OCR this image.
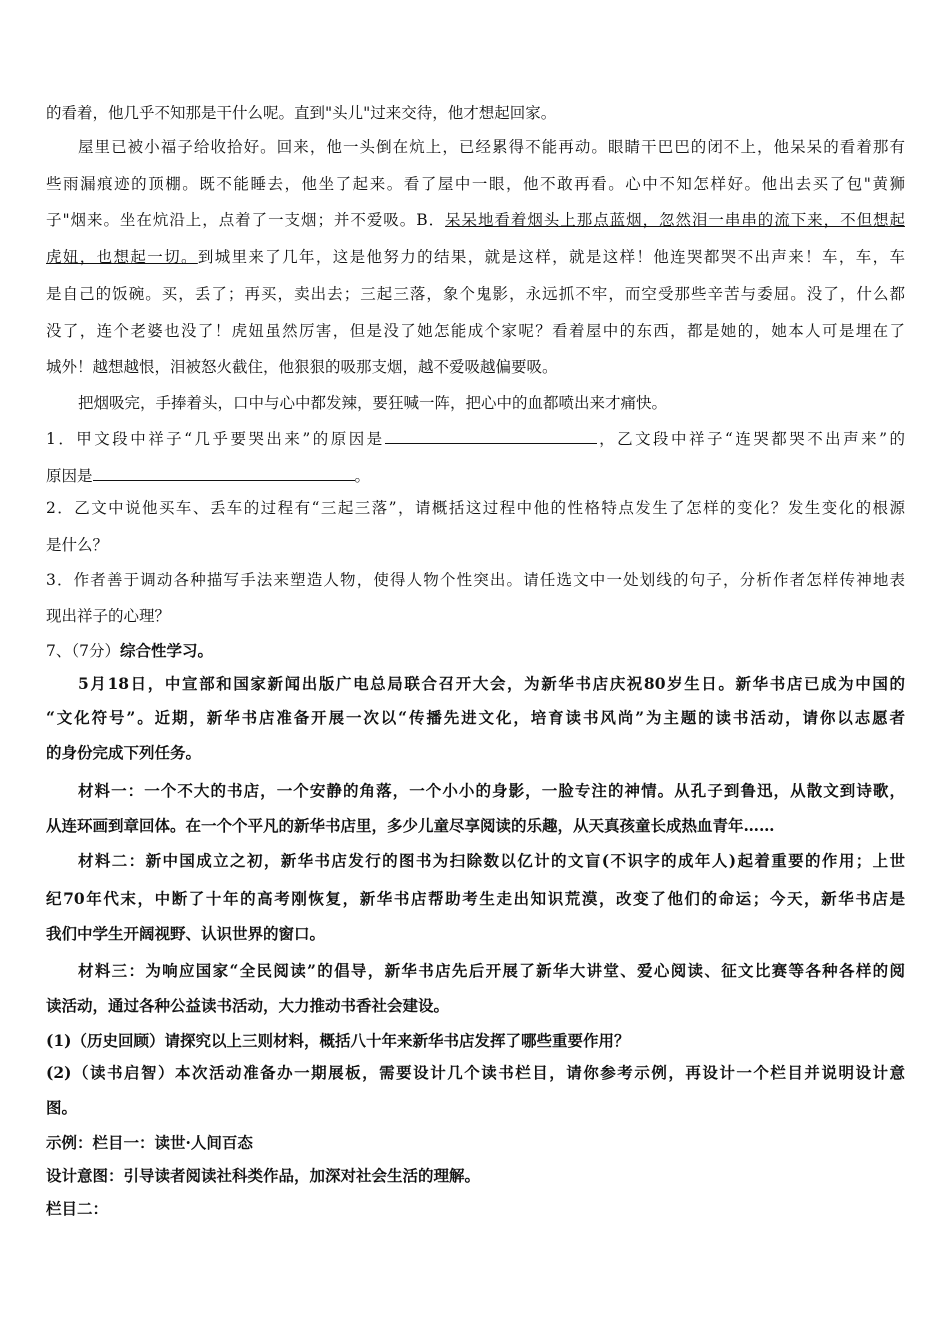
的看着，他几乎不知那是干什么呢。直到"头儿"过来交待，他才想起回家。
屋里已被小福子给收拾好。回来，他一头倒在炕上，已经累得不能再动。眼睛干巴巴的闭不上，他呆呆的看着那有
些雨漏痕迹的顶棚。既不能睡去，他坐了起来。看了屋中一眼，他不敢再看。心中不知怎样好。他出去买了包"黄狮
子"烟来。坐在炕沿上，点着了一支烟；并不爱吸。B．呆呆地看着烟头上那点蓝烟，忽然泪一串串的流下来，不但想起
虎妞，也想起一切。到城里来了几年，这是他努力的结果，就是这样，就是这样！他连哭都哭不出声来！车，车，车
是自己的饭碗。买，丢了；再买，卖出去；三起三落，象个鬼影，永远抓不牢，而空受那些辛苦与委屈。没了，什么都
没了，连个老婆也没了！虎妞虽然厉害，但是没了她怎能成个家呢？看着屋中的东西，都是她的，她本人可是埋在了
城外！越想越恨，泪被怒火截住，他狠狠的吸那支烟，越不爱吸越偏要吸。
把烟吸完，手捧着头，口中与心中都发辣，要狂喊一阵，把心中的血都喷出来才痛快。
1．甲文段中祥子“几乎要哭出来”的原因是	，乙文段中祥子“连哭都哭不出声来”的
原因是	。
2．乙文中说他买车、丢车的过程有“三起三落”，请概括这过程中他的性格特点发生了怎样的变化？发生变化的根源
是什么？
3．作者善于调动各种描写手法来塑造人物，使得人物个性突出。请任选文中一处划线的句子，分析作者怎样传神地表
现出祥子的心理？
7、（7分）综合性学习。
5月18日，中宣部和国家新闻出版广电总局联合召开大会，为新华书店庆祝80岁生日。新华书店已成为中国的
“文化符号”。近期，新华书店准备开展一次以“传播先进文化，培育读书风尚”为主题的读书活动，请你以志愿者
的身份完成下列任务。
材料一：一个不大的书店，一个安静的角落，一个小小的身影，一脸专注的神情。从孔子到鲁迅，从散文到诗歌，
从连环画到章回体。在一个个平凡的新华书店里，多少儿童尽享阅读的乐趣，从天真孩童长成热血青年……
材料二：新中国成立之初，新华书店发行的图书为扫除数以亿计的文盲(不识字的成年人)起着重要的作用；上世
纪70年代末，中断了十年的高考刚恢复，新华书店帮助考生走出知识荒漠，改变了他们的命运；今天，新华书店是
我们中学生开阔视野、认识世界的窗口。
材料三：为响应国家“全民阅读”的倡导，新华书店先后开展了新华大讲堂、爱心阅读、征文比赛等各种各样的阅
读活动，通过各种公益读书活动，大力推动书香社会建设。
(1)（历史回顾）请探究以上三则材料，概括八十年来新华书店发挥了哪些重要作用？
(2)（读书启智）本次活动准备办一期展板，需要设计几个读书栏目，请你参考示例，再设计一个栏目并说明设计意
图。
示例：栏目一：读世·人间百态
设计意图：引导读者阅读社科类作品，加深对社会生活的理解。
栏目二：
